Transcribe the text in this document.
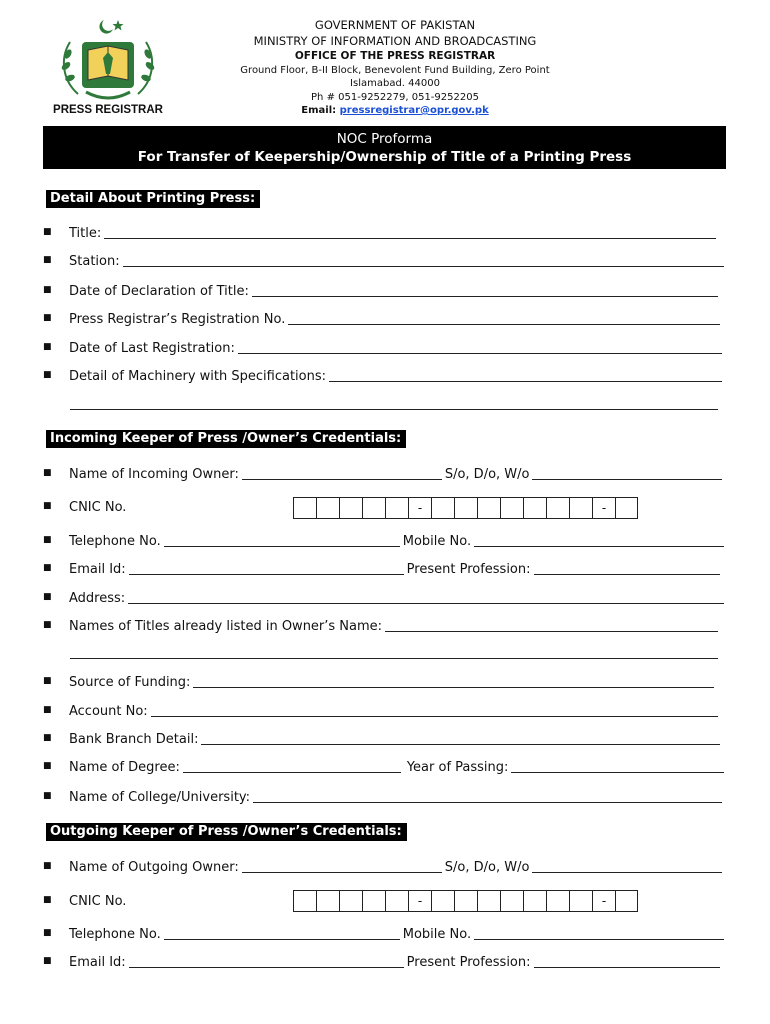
PRESS REGISTRAR
GOVERNMENT OF PAKISTAN
MINISTRY OF INFORMATION AND BROADCASTING
OFFICE OF THE PRESS REGISTRAR
Ground Floor, B-II Block, Benevolent Fund Building, Zero Point
Islamabad. 44000
Ph # 051-9252279, 051-9252205
Email: pressregistrar@opr.gov.pk
NOC Proforma
For Transfer of Keepership/Ownership of Title of a Printing Press
Detail About Printing Press:
■	Title:
■	Station:
■	Date of Declaration of Title:
■	Press Registrar’s Registration No.
■	Date of Last Registration:
■	Detail of Machinery with Specifications:
Incoming Keeper of Press /Owner’s Credentials:
■	Name of Incoming Owner:	S/o, D/o, W/o
■	CNIC No.	-	-
■	Telephone No.	Mobile No.
■	Email Id:	Present Profession:
■	Address:
■	Names of Titles already listed in Owner’s Name:
■	Source of Funding:
■	Account No:
■	Bank Branch Detail:
■	Name of Degree:	Year of Passing:
■	Name of College/University:
Outgoing Keeper of Press /Owner’s Credentials:
■	Name of Outgoing Owner:	S/o, D/o, W/o
■	CNIC No.	-	-
■	Telephone No.	Mobile No.
■	Email Id:	Present Profession:
